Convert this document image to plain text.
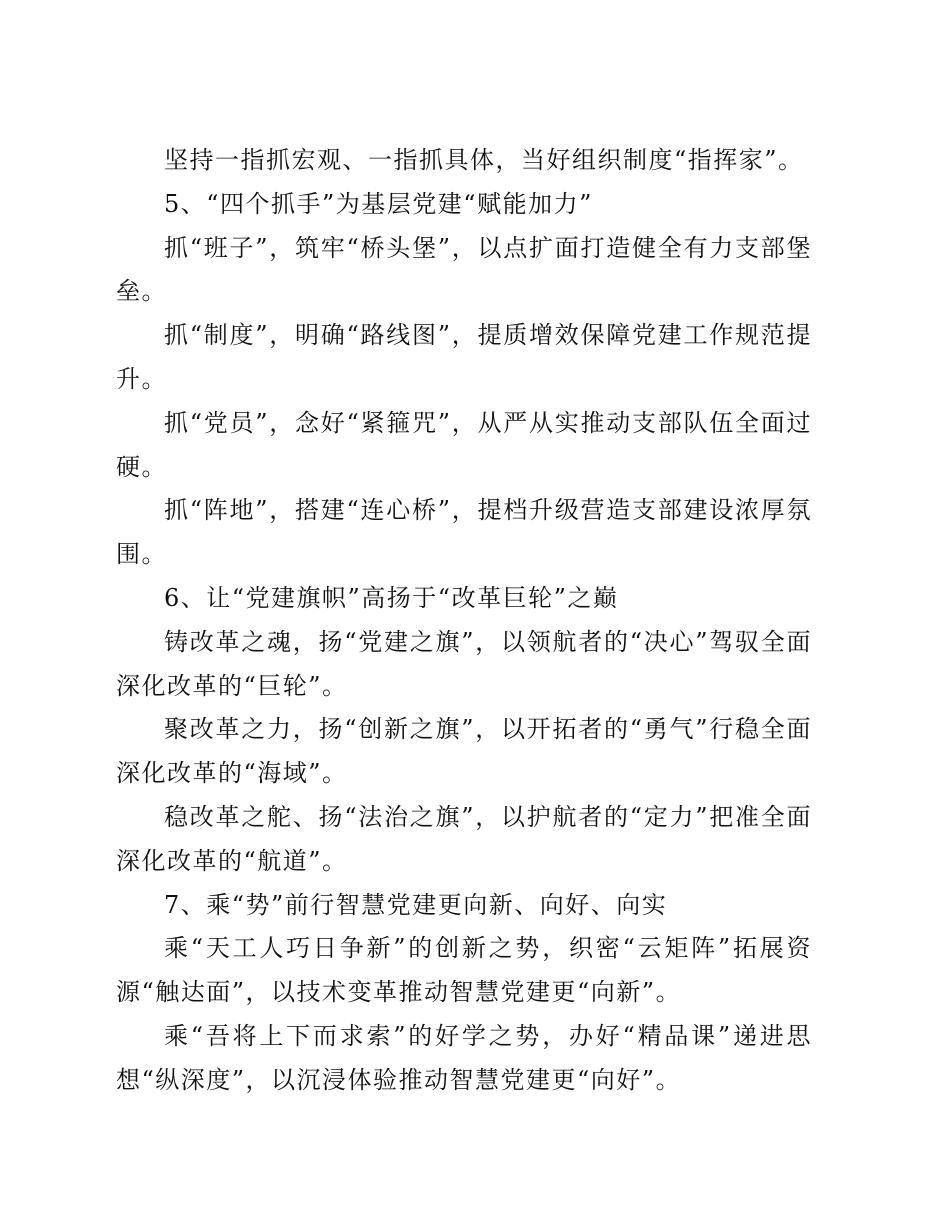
坚持一指抓宏观、一指抓具体，当好组织制度“指挥家”。

5、“四个抓手”为基层党建“赋能加力”

抓“班子”，筑牢“桥头堡”，以点扩面打造健全有力支部堡垒。

抓“制度”，明确“路线图”，提质增效保障党建工作规范提升。

抓“党员”，念好“紧箍咒”，从严从实推动支部队伍全面过硬。

抓“阵地”，搭建“连心桥”，提档升级营造支部建设浓厚氛围。

6、让“党建旗帜”高扬于“改革巨轮”之巅

铸改革之魂，扬“党建之旗”，以领航者的“决心”驾驭全面深化改革的“巨轮”。

聚改革之力，扬“创新之旗”，以开拓者的“勇气”行稳全面深化改革的“海域”。

稳改革之舵、扬“法治之旗”，以护航者的“定力”把准全面深化改革的“航道”。

7、乘“势”前行智慧党建更向新、向好、向实

乘“天工人巧日争新”的创新之势，织密“云矩阵”拓展资源“触达面”，以技术变革推动智慧党建更“向新”。

乘“吾将上下而求索”的好学之势，办好“精品课”递进思想“纵深度”，以沉浸体验推动智慧党建更“向好”。
